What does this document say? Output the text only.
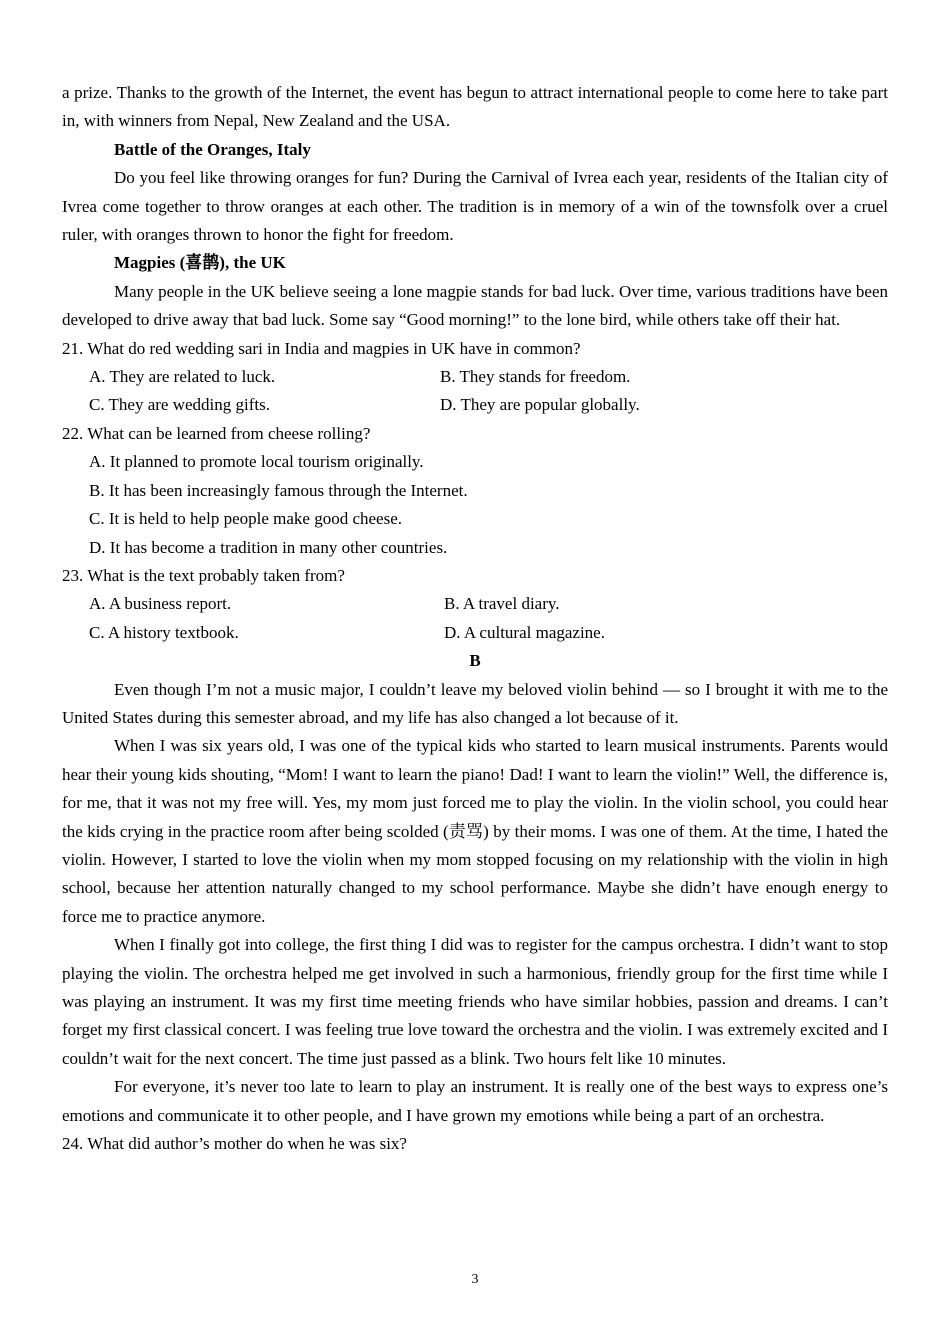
a prize. Thanks to the growth of the Internet, the event has begun to attract international people to come here to take part in, with winners from Nepal, New Zealand and the USA.

Battle of the Oranges, Italy

Do you feel like throwing oranges for fun? During the Carnival of Ivrea each year, residents of the Italian city of Ivrea come together to throw oranges at each other. The tradition is in memory of a win of the townsfolk over a cruel ruler, with oranges thrown to honor the fight for freedom.

Magpies (喜鹊), the UK

Many people in the UK believe seeing a lone magpie stands for bad luck. Over time, various traditions have been developed to drive away that bad luck. Some say “Good morning!” to the lone bird, while others take off their hat.

21. What do red wedding sari in India and magpies in UK have in common?

A. They are related to luck.	B. They stands for freedom.

C. They are wedding gifts.	D. They are popular globally.

22. What can be learned from cheese rolling?

A. It planned to promote local tourism originally.

B. It has been increasingly famous through the Internet.

C. It is held to help people make good cheese.

D. It has become a tradition in many other countries.

23. What is the text probably taken from?

A. A business report.	B. A travel diary.

C. A history textbook.	D. A cultural magazine.

B

Even though I’m not a music major, I couldn’t leave my beloved violin behind — so I brought it with me to the United States during this semester abroad, and my life has also changed a lot because of it.

When I was six years old, I was one of the typical kids who started to learn musical instruments. Parents would hear their young kids shouting, “Mom! I want to learn the piano! Dad! I want to learn the violin!” Well, the difference is, for me, that it was not my free will. Yes, my mom just forced me to play the violin. In the violin school, you could hear the kids crying in the practice room after being scolded (责骂) by their moms. I was one of them. At the time, I hated the violin. However, I started to love the violin when my mom stopped focusing on my relationship with the violin in high school, because her attention naturally changed to my school performance. Maybe she didn’t have enough energy to force me to practice anymore.

When I finally got into college, the first thing I did was to register for the campus orchestra. I didn’t want to stop playing the violin. The orchestra helped me get involved in such a harmonious, friendly group for the first time while I was playing an instrument. It was my first time meeting friends who have similar hobbies, passion and dreams. I can’t forget my first classical concert. I was feeling true love toward the orchestra and the violin. I was extremely excited and I couldn’t wait for the next concert. The time just passed as a blink. Two hours felt like 10 minutes.

For everyone, it’s never too late to learn to play an instrument. It is really one of the best ways to express one’s emotions and communicate it to other people, and I have grown my emotions while being a part of an orchestra.

24. What did author’s mother do when he was six?

3
